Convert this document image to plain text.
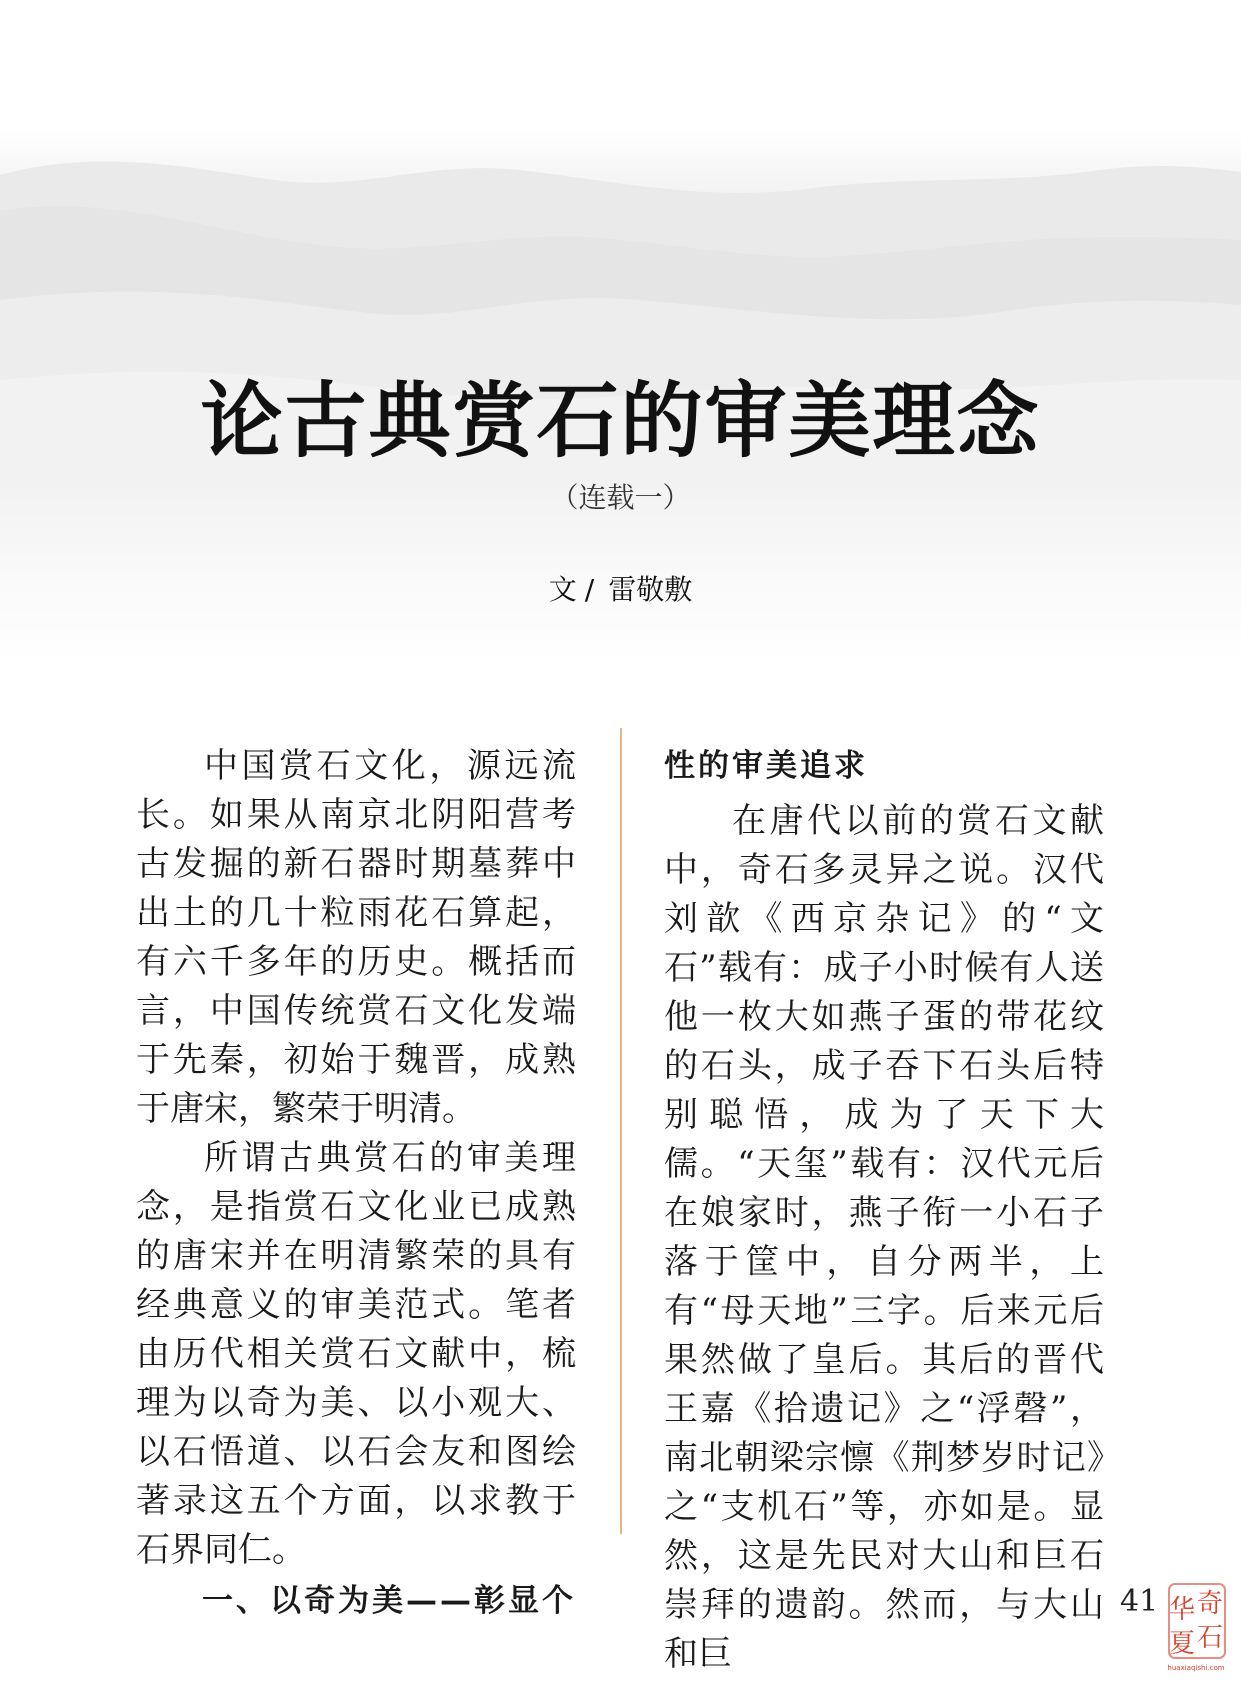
论古典赏石的审美理念
（连载一）
文 / 雷敬敷

中国赏石文化，源远流长。如果从南京北阴阳营考古发掘的新石器时期墓葬中出土的几十粒雨花石算起，有六千多年的历史。概括而言，中国传统赏石文化发端于先秦，初始于魏晋，成熟于唐宋，繁荣于明清。

所谓古典赏石的审美理念，是指赏石文化业已成熟的唐宋并在明清繁荣的具有经典意义的审美范式。笔者由历代相关赏石文献中，梳理为以奇为美、以小观大、以石悟道、以石会友和图绘著录这五个方面，以求教于石界同仁。

一、以奇为美——彰显个
性的审美追求

在唐代以前的赏石文献中，奇石多灵异之说。汉代刘歆《西京杂记》的“文石”载有：成子小时候有人送他一枚大如燕子蛋的带花纹的石头，成子吞下石头后特别聪悟，成为了天下大儒。“天玺”载有：汉代元后在娘家时，燕子衔一小石子落于筐中，自分两半，上有“母天地”三字。后来元后果然做了皇后。其后的晋代王嘉《拾遗记》之“浮磬”，南北朝梁宗懔《荆梦岁时记》之“支机石”等，亦如是。显然，这是先民对大山和巨石崇拜的遗韵。然而，与大山和巨

41 奇
华
石
夏
huaxiaqishi.com
